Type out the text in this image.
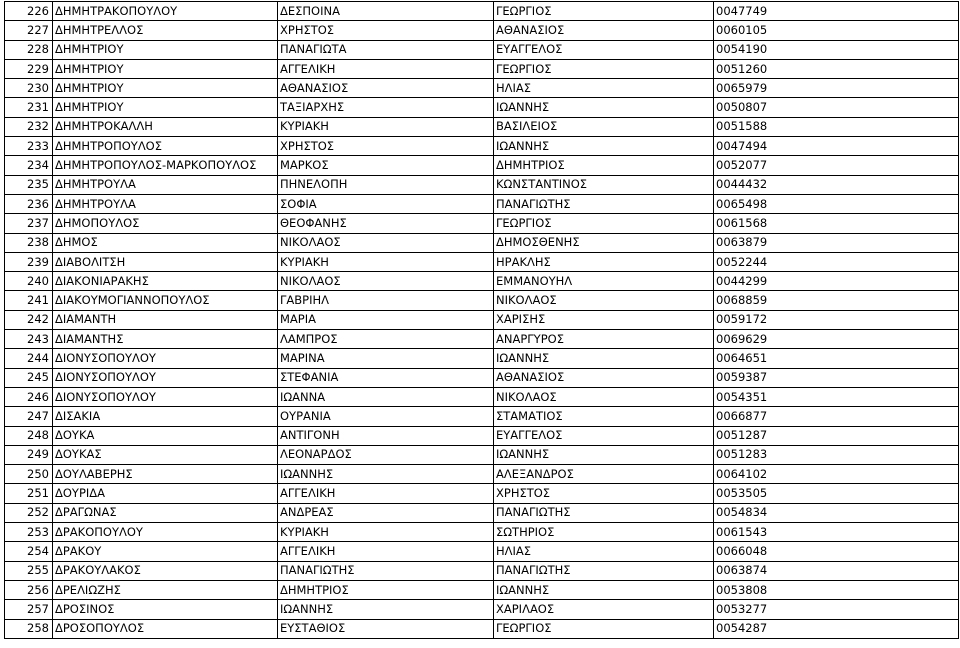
226	ΔΗΜΗΤΡΑΚΟΠΟΥΛΟΥ	ΔΕΣΠΟΙΝΑ	ΓΕΩΡΓΙΟΣ	0047749
227	ΔΗΜΗΤΡΕΛΛΟΣ	ΧΡΗΣΤΟΣ	ΑΘΑΝΑΣΙΟΣ	0060105
228	ΔΗΜΗΤΡΙΟΥ	ΠΑΝΑΓΙΩΤΑ	ΕΥΑΓΓΕΛΟΣ	0054190
229	ΔΗΜΗΤΡΙΟΥ	ΑΓΓΕΛΙΚΗ	ΓΕΩΡΓΙΟΣ	0051260
230	ΔΗΜΗΤΡΙΟΥ	ΑΘΑΝΑΣΙΟΣ	ΗΛΙΑΣ	0065979
231	ΔΗΜΗΤΡΙΟΥ	ΤΑΞΙΑΡΧΗΣ	ΙΩΑΝΝΗΣ	0050807
232	ΔΗΜΗΤΡΟΚΑΛΛΗ	ΚΥΡΙΑΚΗ	ΒΑΣΙΛΕΙΟΣ	0051588
233	ΔΗΜΗΤΡΟΠΟΥΛΟΣ	ΧΡΗΣΤΟΣ	ΙΩΑΝΝΗΣ	0047494
234	ΔΗΜΗΤΡΟΠΟΥΛΟΣ-ΜΑΡΚΟΠΟΥΛΟΣ	ΜΑΡΚΟΣ	ΔΗΜΗΤΡΙΟΣ	0052077
235	ΔΗΜΗΤΡΟΥΛΑ	ΠΗΝΕΛΟΠΗ	ΚΩΝΣΤΑΝΤΙΝΟΣ	0044432
236	ΔΗΜΗΤΡΟΥΛΑ	ΣΟΦΙΑ	ΠΑΝΑΓΙΩΤΗΣ	0065498
237	ΔΗΜΟΠΟΥΛΟΣ	ΘΕΟΦΑΝΗΣ	ΓΕΩΡΓΙΟΣ	0061568
238	ΔΗΜΟΣ	ΝΙΚΟΛΑΟΣ	ΔΗΜΟΣΘΕΝΗΣ	0063879
239	ΔΙΑΒΟΛΙΤΣΗ	ΚΥΡΙΑΚΗ	ΗΡΑΚΛΗΣ	0052244
240	ΔΙΑΚΟΝΙΑΡΑΚΗΣ	ΝΙΚΟΛΑΟΣ	ΕΜΜΑΝΟΥΗΛ	0044299
241	ΔΙΑΚΟΥΜΟΓΙΑΝΝΟΠΟΥΛΟΣ	ΓΑΒΡΙΗΛ	ΝΙΚΟΛΑΟΣ	0068859
242	ΔΙΑΜΑΝΤΗ	ΜΑΡΙΑ	ΧΑΡΙΣΗΣ	0059172
243	ΔΙΑΜΑΝΤΗΣ	ΛΑΜΠΡΟΣ	ΑΝΑΡΓΥΡΟΣ	0069629
244	ΔΙΟΝΥΣΟΠΟΥΛΟΥ	ΜΑΡΙΝΑ	ΙΩΑΝΝΗΣ	0064651
245	ΔΙΟΝΥΣΟΠΟΥΛΟΥ	ΣΤΕΦΑΝΙΑ	ΑΘΑΝΑΣΙΟΣ	0059387
246	ΔΙΟΝΥΣΟΠΟΥΛΟΥ	ΙΩΑΝΝΑ	ΝΙΚΟΛΑΟΣ	0054351
247	ΔΙΣΑΚΙΑ	ΟΥΡΑΝΙΑ	ΣΤΑΜΑΤΙΟΣ	0066877
248	ΔΟΥΚΑ	ΑΝΤΙΓΟΝΗ	ΕΥΑΓΓΕΛΟΣ	0051287
249	ΔΟΥΚΑΣ	ΛΕΟΝΑΡΔΟΣ	ΙΩΑΝΝΗΣ	0051283
250	ΔΟΥΛΑΒΕΡΗΣ	ΙΩΑΝΝΗΣ	ΑΛΕΞΑΝΔΡΟΣ	0064102
251	ΔΟΥΡΙΔΑ	ΑΓΓΕΛΙΚΗ	ΧΡΗΣΤΟΣ	0053505
252	ΔΡΑΓΩΝΑΣ	ΑΝΔΡΕΑΣ	ΠΑΝΑΓΙΩΤΗΣ	0054834
253	ΔΡΑΚΟΠΟΥΛΟΥ	ΚΥΡΙΑΚΗ	ΣΩΤΗΡΙΟΣ	0061543
254	ΔΡΑΚΟΥ	ΑΓΓΕΛΙΚΗ	ΗΛΙΑΣ	0066048
255	ΔΡΑΚΟΥΛΑΚΟΣ	ΠΑΝΑΓΙΩΤΗΣ	ΠΑΝΑΓΙΩΤΗΣ	0063874
256	ΔΡΕΛΙΩΖΗΣ	ΔΗΜΗΤΡΙΟΣ	ΙΩΑΝΝΗΣ	0053808
257	ΔΡΟΣΙΝΟΣ	ΙΩΑΝΝΗΣ	ΧΑΡΙΛΑΟΣ	0053277
258	ΔΡΟΣΟΠΟΥΛΟΣ	ΕΥΣΤΑΘΙΟΣ	ΓΕΩΡΓΙΟΣ	0054287
